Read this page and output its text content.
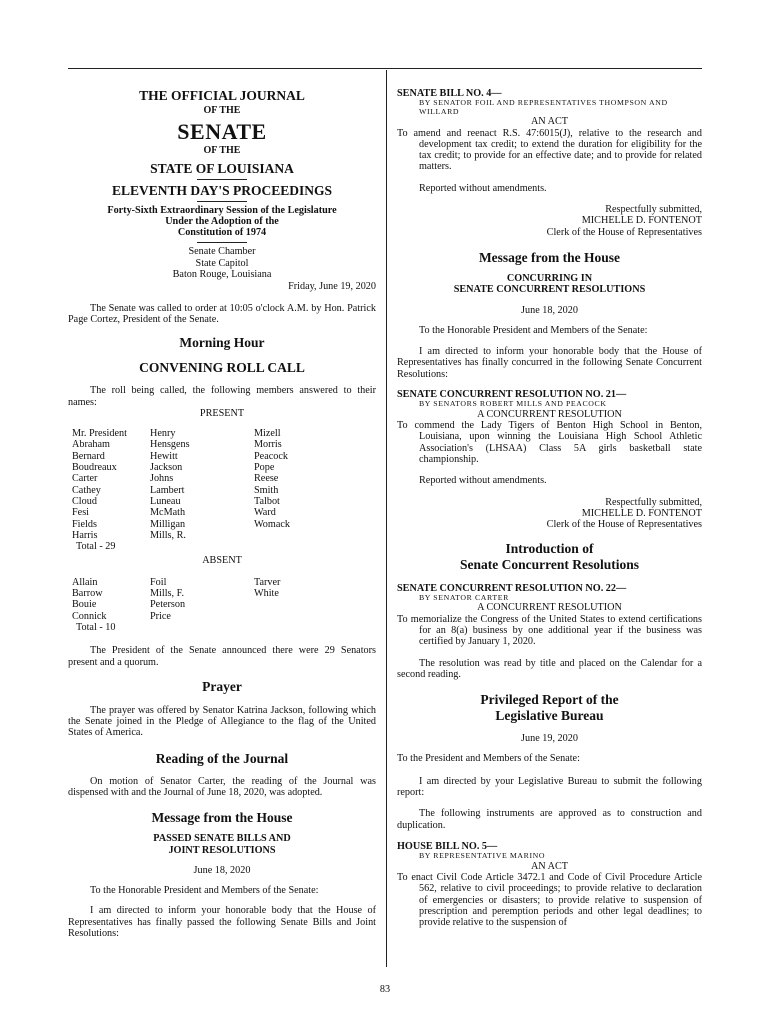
THE OFFICIAL JOURNAL

OF THE

SENATE

OF THE

STATE OF LOUISIANA

ELEVENTH DAY'S PROCEEDINGS

Forty-Sixth Extraordinary Session of the Legislature

Under the Adoption of the

Constitution of 1974

Senate Chamber

State Capitol

Baton Rouge, Louisiana

Friday, June 19, 2020

The Senate was called to order at 10:05 o'clock A.M. by Hon. Patrick Page Cortez, President of the Senate.

Morning Hour

CONVENING ROLL CALL

The roll being called, the following members answered to their names:

PRESENT

Mr. President	Henry	Mizell
Abraham	Hensgens	Morris
Bernard	Hewitt	Peacock
Boudreaux	Jackson	Pope
Carter	Johns	Reese
Cathey	Lambert	Smith
Cloud	Luneau	Talbot
Fesi	McMath	Ward
Fields	Milligan	Womack
Harris	Mills, R.

Total - 29

ABSENT

Allain	Foil	Tarver
Barrow	Mills, F.	White
Bouie	Peterson
Connick	Price

Total - 10

The President of the Senate announced there were 29 Senators present and a quorum.

Prayer

The prayer was offered by Senator Katrina Jackson, following which the Senate joined in the Pledge of Allegiance to the flag of the United States of America.

Reading of the Journal

On motion of Senator Carter, the reading of the Journal was dispensed with and the Journal of June 18, 2020, was adopted.

Message from the House

PASSED SENATE BILLS AND

JOINT RESOLUTIONS

June 18, 2020

To the Honorable President and Members of the Senate:

I am directed to inform your honorable body that the House of Representatives has finally passed the following Senate Bills and Joint Resolutions:

SENATE BILL NO. 4—

BY SENATOR FOIL AND REPRESENTATIVES THOMPSON AND WILLARD

AN ACT

To amend and reenact R.S. 47:6015(J), relative to the research and development tax credit; to extend the duration for eligibility for the tax credit; to provide for an effective date; and to provide for related matters.

Reported without amendments.

Respectfully submitted,

MICHELLE D. FONTENOT

Clerk of the House of Representatives

Message from the House

CONCURRING IN

SENATE CONCURRENT RESOLUTIONS

June 18, 2020

To the Honorable President and Members of the Senate:

I am directed to inform your honorable body that the House of Representatives has finally concurred in the following Senate Concurrent Resolutions:

SENATE CONCURRENT RESOLUTION NO. 21—

BY SENATORS ROBERT MILLS AND PEACOCK

A CONCURRENT RESOLUTION

To commend the Lady Tigers of Benton High School in Benton, Louisiana, upon winning the Louisiana High School Athletic Association's (LHSAA) Class 5A girls basketball state championship.

Reported without amendments.

Respectfully submitted,

MICHELLE D. FONTENOT

Clerk of the House of Representatives

Introduction of

Senate Concurrent Resolutions

SENATE CONCURRENT RESOLUTION NO. 22—

BY SENATOR CARTER

A CONCURRENT RESOLUTION

To memorialize the Congress of the United States to extend certifications for an 8(a) business by one additional year if the business was certified by January 1, 2020.

The resolution was read by title and placed on the Calendar for a second reading.

Privileged Report of the

Legislative Bureau

June 19, 2020

To the President and Members of the Senate:

I am directed by your Legislative Bureau to submit the following report:

The following instruments are approved as to construction and duplication.

HOUSE BILL NO. 5—

BY REPRESENTATIVE MARINO

AN ACT

To enact Civil Code Article 3472.1 and Code of Civil Procedure Article 562, relative to civil proceedings; to provide relative to declaration of emergencies or disasters; to provide relative to suspension of prescription and peremption periods and other legal deadlines; to provide relative to the suspension of

83
